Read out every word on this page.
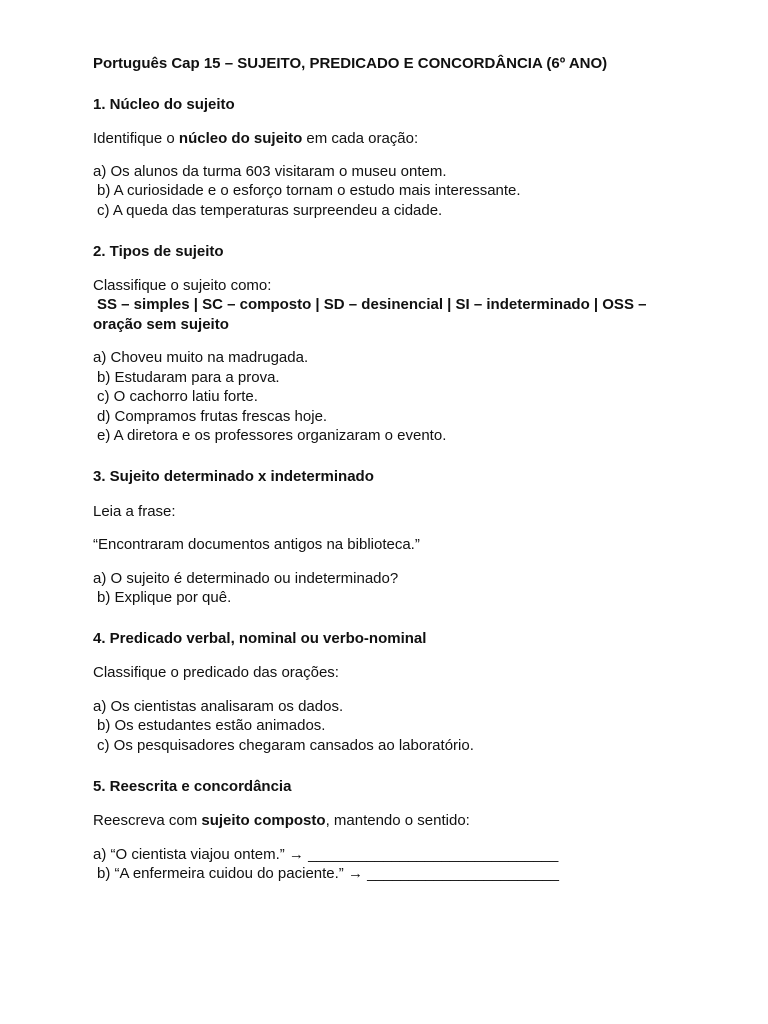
Português Cap 15 – SUJEITO, PREDICADO E CONCORDÂNCIA (6º ANO)

1. Núcleo do sujeito

Identifique o núcleo do sujeito em cada oração:

a) Os alunos da turma 603 visitaram o museu ontem.

b) A curiosidade e o esforço tornam o estudo mais interessante.

c) A queda das temperaturas surpreendeu a cidade.

2. Tipos de sujeito

Classifique o sujeito como:

SS – simples | SC – composto | SD – desinencial | SI – indeterminado | OSS –

oração sem sujeito

a) Choveu muito na madrugada.

b) Estudaram para a prova.

c) O cachorro latiu forte.

d) Compramos frutas frescas hoje.

e) A diretora e os professores organizaram o evento.

3. Sujeito determinado x indeterminado

Leia a frase:

“Encontraram documentos antigos na biblioteca.”

a) O sujeito é determinado ou indeterminado?

b) Explique por quê.

4. Predicado verbal, nominal ou verbo-nominal

Classifique o predicado das orações:

a) Os cientistas analisaram os dados.

b) Os estudantes estão animados.

c) Os pesquisadores chegaram cansados ao laboratório.

5. Reescrita e concordância

Reescreva com sujeito composto, mantendo o sentido:

a) “O cientista viajou ontem.” → ______________________________

b) “A enfermeira cuidou do paciente.” → _______________________
